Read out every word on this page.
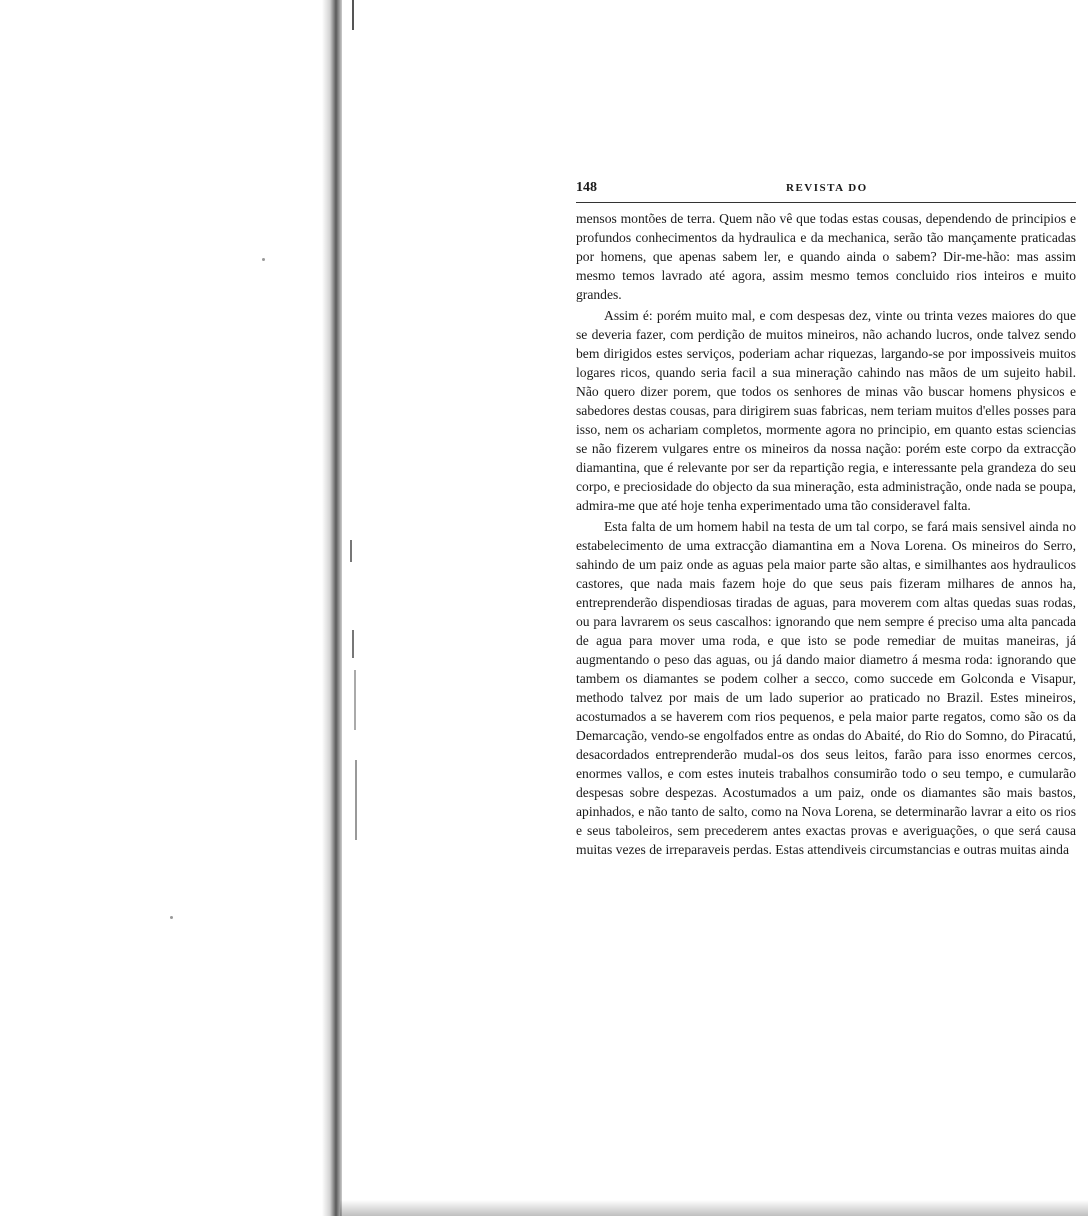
148	REVISTA DO

mensos montões de terra. Quem não vê que todas estas cousas, dependendo de principios e profundos conhecimentos da hydraulica e da mechanica, serão tão mançamente praticadas por homens, que apenas sabem ler, e quando ainda o sabem? Dir-me-hão: mas assim mesmo temos lavrado até agora, assim mesmo temos concluido rios inteiros e muito grandes.

Assim é: porém muito mal, e com despesas dez, vinte ou trinta vezes maiores do que se deveria fazer, com perdição de muitos mineiros, não achando lucros, onde talvez sendo bem dirigidos estes serviços, poderiam achar riquezas, largando-se por impossiveis muitos logares ricos, quando seria facil a sua mineração cahindo nas mãos de um sujeito habil. Não quero dizer porem, que todos os senhores de minas vão buscar homens physicos e sabedores destas cousas, para dirigirem suas fabricas, nem teriam muitos d'elles posses para isso, nem os achariam completos, mormente agora no principio, em quanto estas sciencias se não fizerem vulgares entre os mineiros da nossa nação: porém este corpo da extracção diamantina, que é relevante por ser da repartição regia, e interessante pela grandeza do seu corpo, e preciosidade do objecto da sua mineração, esta administração, onde nada se poupa, admira-me que até hoje tenha experimentado uma tão consideravel falta.

Esta falta de um homem habil na testa de um tal corpo, se fará mais sensivel ainda no estabelecimento de uma extracção diamantina em a Nova Lorena. Os mineiros do Serro, sahindo de um paiz onde as aguas pela maior parte são altas, e similhantes aos hydraulicos castores, que nada mais fazem hoje do que seus pais fizeram milhares de annos ha, entreprenderão dispendiosas tiradas de aguas, para moverem com altas quedas suas rodas, ou para lavrarem os seus cascalhos: ignorando que nem sempre é preciso uma alta pancada de agua para mover uma roda, e que isto se pode remediar de muitas maneiras, já augmentando o peso das aguas, ou já dando maior diametro á mesma roda: ignorando que tambem os diamantes se podem colher a secco, como succede em Golconda e Visapur, methodo talvez por mais de um lado superior ao praticado no Brazil. Estes mineiros, acostumados a se haverem com rios pequenos, e pela maior parte regatos, como são os da Demarcação, vendo-se engolfados entre as ondas do Abaité, do Rio do Somno, do Piracatú, desacordados entreprenderão mudal-os dos seus leitos, farão para isso enormes cercos, enormes vallos, e com estes inuteis trabalhos consumirão todo o seu tempo, e cumularão despesas sobre despezas. Acostumados a um paiz, onde os diamantes são mais bastos, apinhados, e não tanto de salto, como na Nova Lorena, se determinarão lavrar a eito os rios e seus taboleiros, sem precederem antes exactas provas e averiguações, o que será causa muitas vezes de irreparaveis perdas. Estas attendiveis circumstancias e outras muitas ainda
